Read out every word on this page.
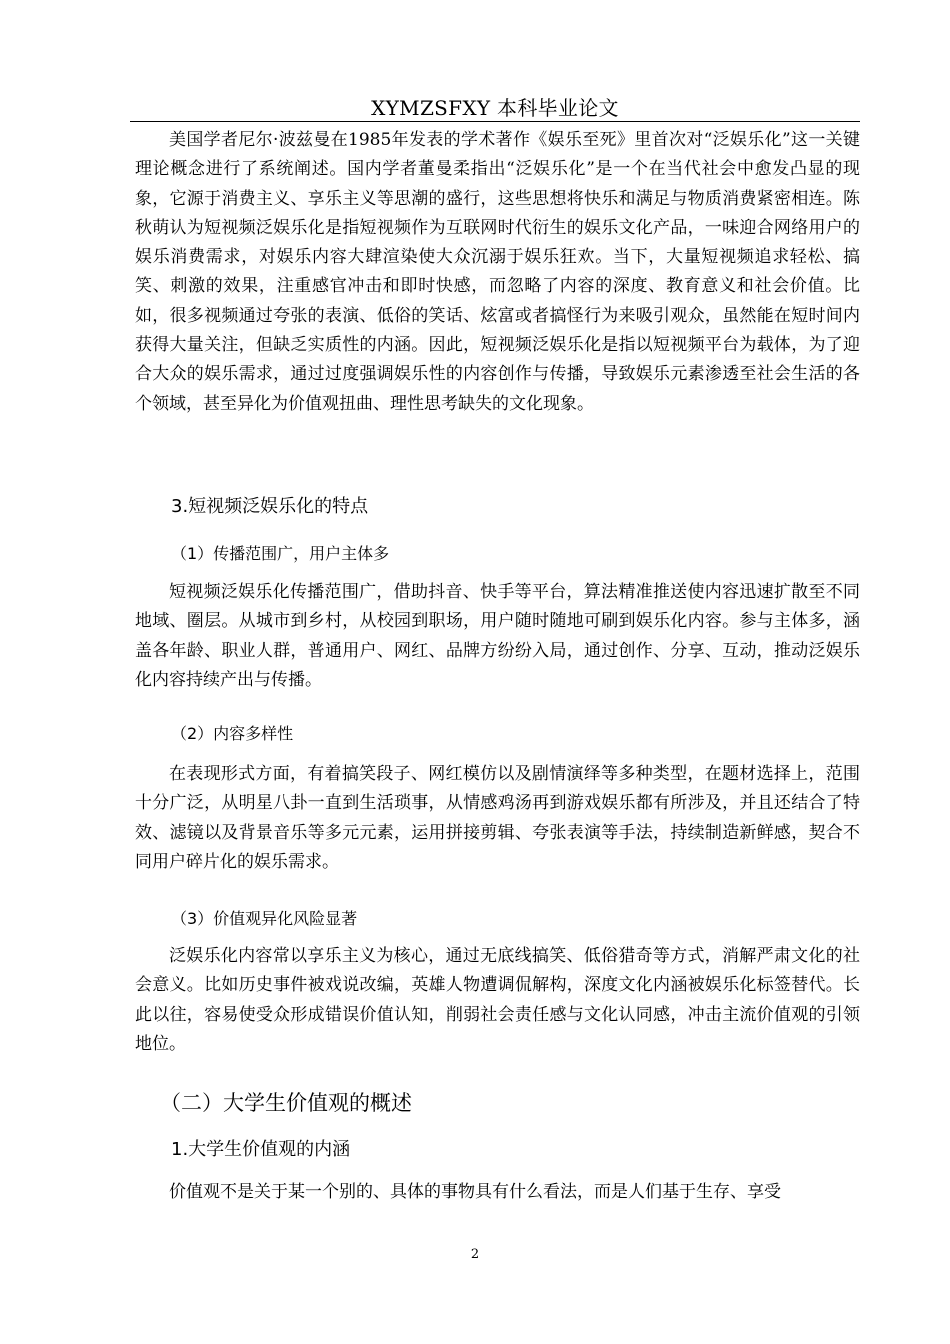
XYMZSFXY 本科毕业论文

美国学者尼尔·波兹曼在1985年发表的学术著作《娱乐至死》里首次对“泛娱乐化”这一关键理论概念进行了系统阐述。国内学者董曼柔指出“泛娱乐化”是一个在当代社会中愈发凸显的现象，它源于消费主义、享乐主义等思潮的盛行，这些思想将快乐和满足与物质消费紧密相连。陈秋萌认为短视频泛娱乐化是指短视频作为互联网时代衍生的娱乐文化产品，一味迎合网络用户的娱乐消费需求，对娱乐内容大肆渲染使大众沉溺于娱乐狂欢。当下，大量短视频追求轻松、搞笑、刺激的效果，注重感官冲击和即时快感，而忽略了内容的深度、教育意义和社会价值。比如，很多视频通过夸张的表演、低俗的笑话、炫富或者搞怪行为来吸引观众，虽然能在短时间内获得大量关注，但缺乏实质性的内涵。因此，短视频泛娱乐化是指以短视频平台为载体，为了迎合大众的娱乐需求，通过过度强调娱乐性的内容创作与传播，导致娱乐元素渗透至社会生活的各个领域，甚至异化为价值观扭曲、理性思考缺失的文化现象。

3.短视频泛娱乐化的特点
（1）传播范围广，用户主体多

短视频泛娱乐化传播范围广，借助抖音、快手等平台，算法精准推送使内容迅速扩散至不同地域、圈层。从城市到乡村，从校园到职场，用户随时随地可刷到娱乐化内容。参与主体多，涵盖各年龄、职业人群，普通用户、网红、品牌方纷纷入局，通过创作、分享、互动，推动泛娱乐化内容持续产出与传播。

（2）内容多样性

在表现形式方面，有着搞笑段子、网红模仿以及剧情演绎等多种类型，在题材选择上，范围十分广泛，从明星八卦一直到生活琐事，从情感鸡汤再到游戏娱乐都有所涉及，并且还结合了特效、滤镜以及背景音乐等多元元素，运用拼接剪辑、夸张表演等手法，持续制造新鲜感，契合不同用户碎片化的娱乐需求。

（3）价值观异化风险显著

泛娱乐化内容常以享乐主义为核心，通过无底线搞笑、低俗猎奇等方式，消解严肃文化的社会意义。比如历史事件被戏说改编，英雄人物遭调侃解构，深度文化内涵被娱乐化标签替代。长此以往，容易使受众形成错误价值认知，削弱社会责任感与文化认同感，冲击主流价值观的引领地位。

（二）大学生价值观的概述
1.大学生价值观的内涵

价值观不是关于某一个别的、具体的事物具有什么看法，而是人们基于生存、享受

2
